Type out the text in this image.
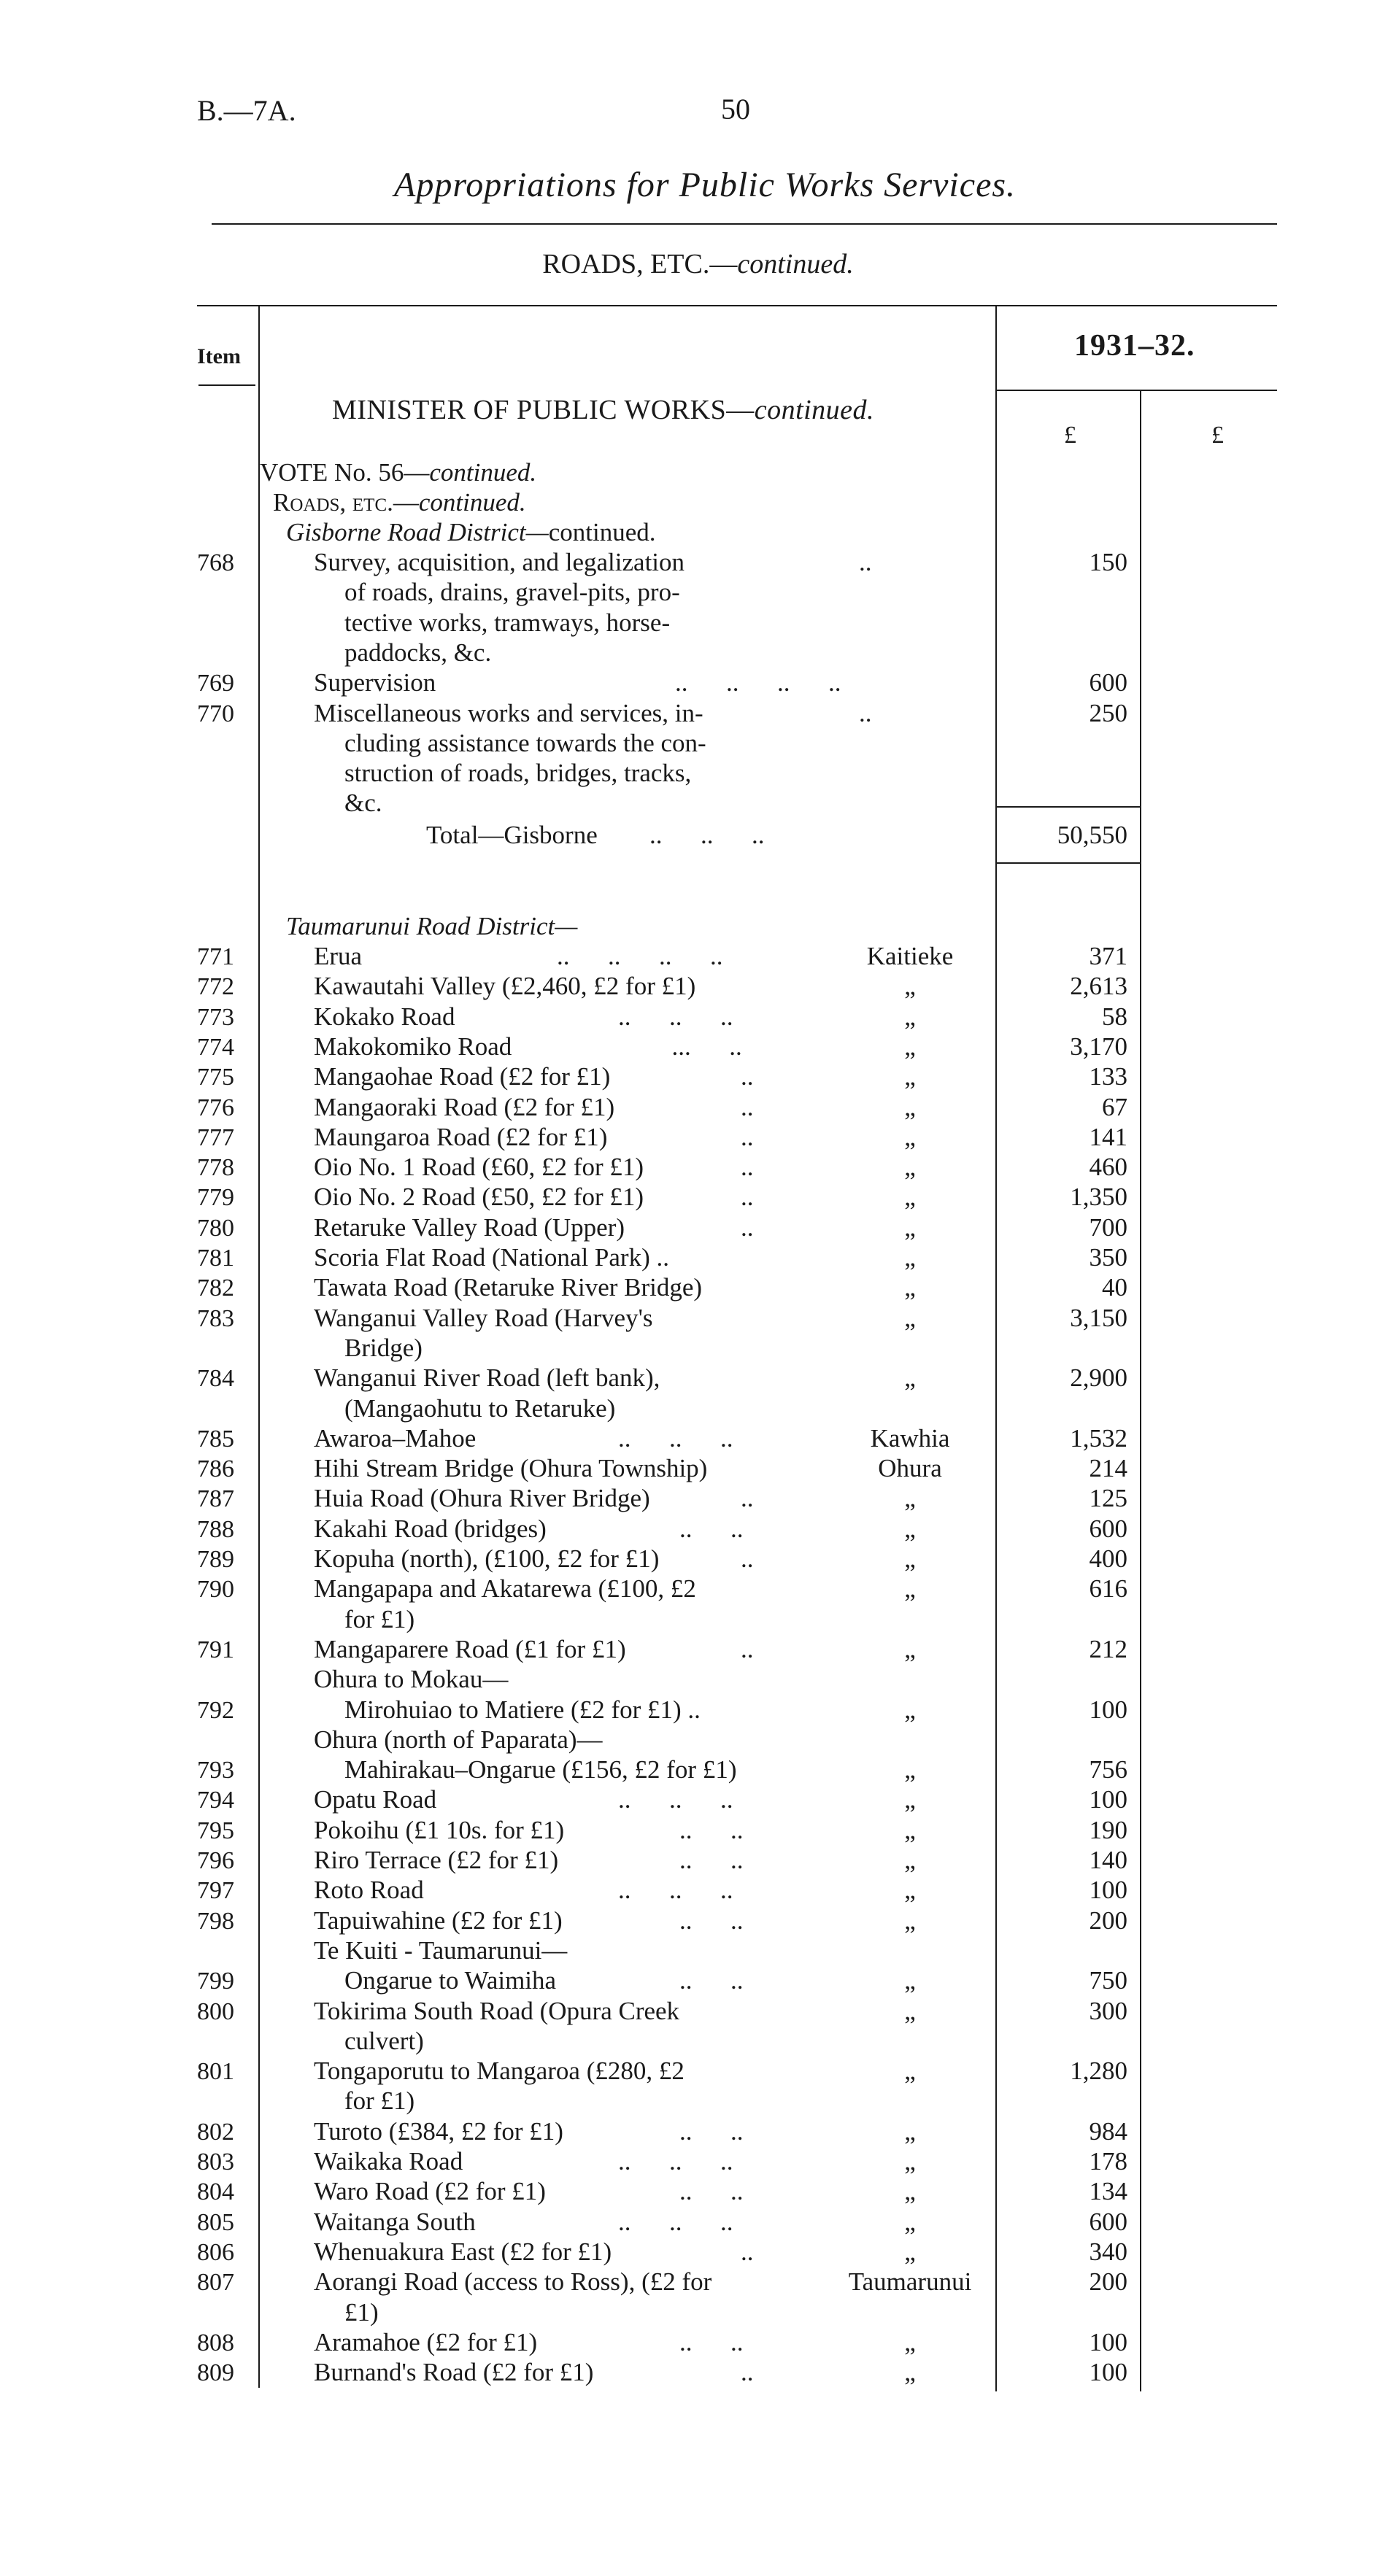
B.—7A.	50
Appropriations for Public Works Services.
ROADS, ETC.—continued.
Item	1931–32.
£	£
MINISTER OF PUBLIC WORKS—continued.
VOTE No. 56—continued.
Roads, etc.—continued.
Gisborne Road District—continued.
768	Survey, acquisition, and legalization
of roads, drains, gravel-pits, pro-
tective works, tramways, horse-
paddocks, &c.
..	150
769	Supervision	..      ..      ..      ..	600
770	Miscellaneous works and services, in-
cluding assistance towards the con-
struction of roads, bridges, tracks,
&c.
..	250
Total—Gisborne ..      ..      ..	50,550
Taumarunui Road District—
771	Erua	..      ..      ..      ..	Kaitieke	371
772	Kawautahi Valley (£2,460, £2 for £1)	„	2,613
773	Kokako Road	..      ..      ..	„	58
774	Makokomiko Road	...      ..	„	3,170
775	Mangaohae Road (£2 for £1)	..	„	133
776	Mangaoraki Road (£2 for £1)	..	„	67
777	Maungaroa Road (£2 for £1)	..	„	141
778	Oio No. 1 Road (£60, £2 for £1)	..	„	460
779	Oio No. 2 Road (£50, £2 for £1)	..	„	1,350
780	Retaruke Valley Road (Upper)	..	„	700
781	Scoria Flat Road (National Park) ..	„	350
782	Tawata Road (Retaruke River Bridge)	„	40
783	Wanganui Valley Road (Harvey's
Bridge)
„	3,150
784	Wanganui River Road (left bank),
(Mangaohutu to Retaruke)
„	2,900
785	Awaroa–Mahoe	..      ..      ..	Kawhia	1,532
786	Hihi Stream Bridge (Ohura Township)	Ohura	214
787	Huia Road (Ohura River Bridge)	..	„	125
788	Kakahi Road (bridges)	..      ..	„	600
789	Kopuha (north), (£100, £2 for £1)	..	„	400
790	Mangapapa and Akatarewa (£100, £2
for £1)
„	616
791	Mangaparere Road (£1 for £1)	..	„	212
Ohura to Mokau—
792	Mirohuiao to Matiere (£2 for £1) ..	„	100
Ohura (north of Paparata)—
793	Mahirakau–Ongarue (£156, £2 for £1)	„	756
794	Opatu Road	..      ..      ..	„	100
795	Pokoihu (£1 10s. for £1)	..      ..	„	190
796	Riro Terrace (£2 for £1)	..      ..	„	140
797	Roto Road	..      ..      ..	„	100
798	Tapuiwahine (£2 for £1)	..      ..	„	200
Te Kuiti - Taumarunui—
799	Ongarue to Waimiha	..      ..	„	750
800	Tokirima South Road (Opura Creek
culvert)
„	300
801	Tongaporutu to Mangaroa (£280, £2
for £1)
„	1,280
802	Turoto (£384, £2 for £1)	..      ..	„	984
803	Waikaka Road	..      ..      ..	„	178
804	Waro Road (£2 for £1)	..      ..	„	134
805	Waitanga South	..      ..      ..	„	600
806	Whenuakura East (£2 for £1)	..	„	340
807	Aorangi Road (access to Ross), (£2 for
£1)
Taumarunui	200
808	Aramahoe (£2 for £1)	..      ..	„	100
809	Burnand's Road (£2 for £1)	..	„	100
